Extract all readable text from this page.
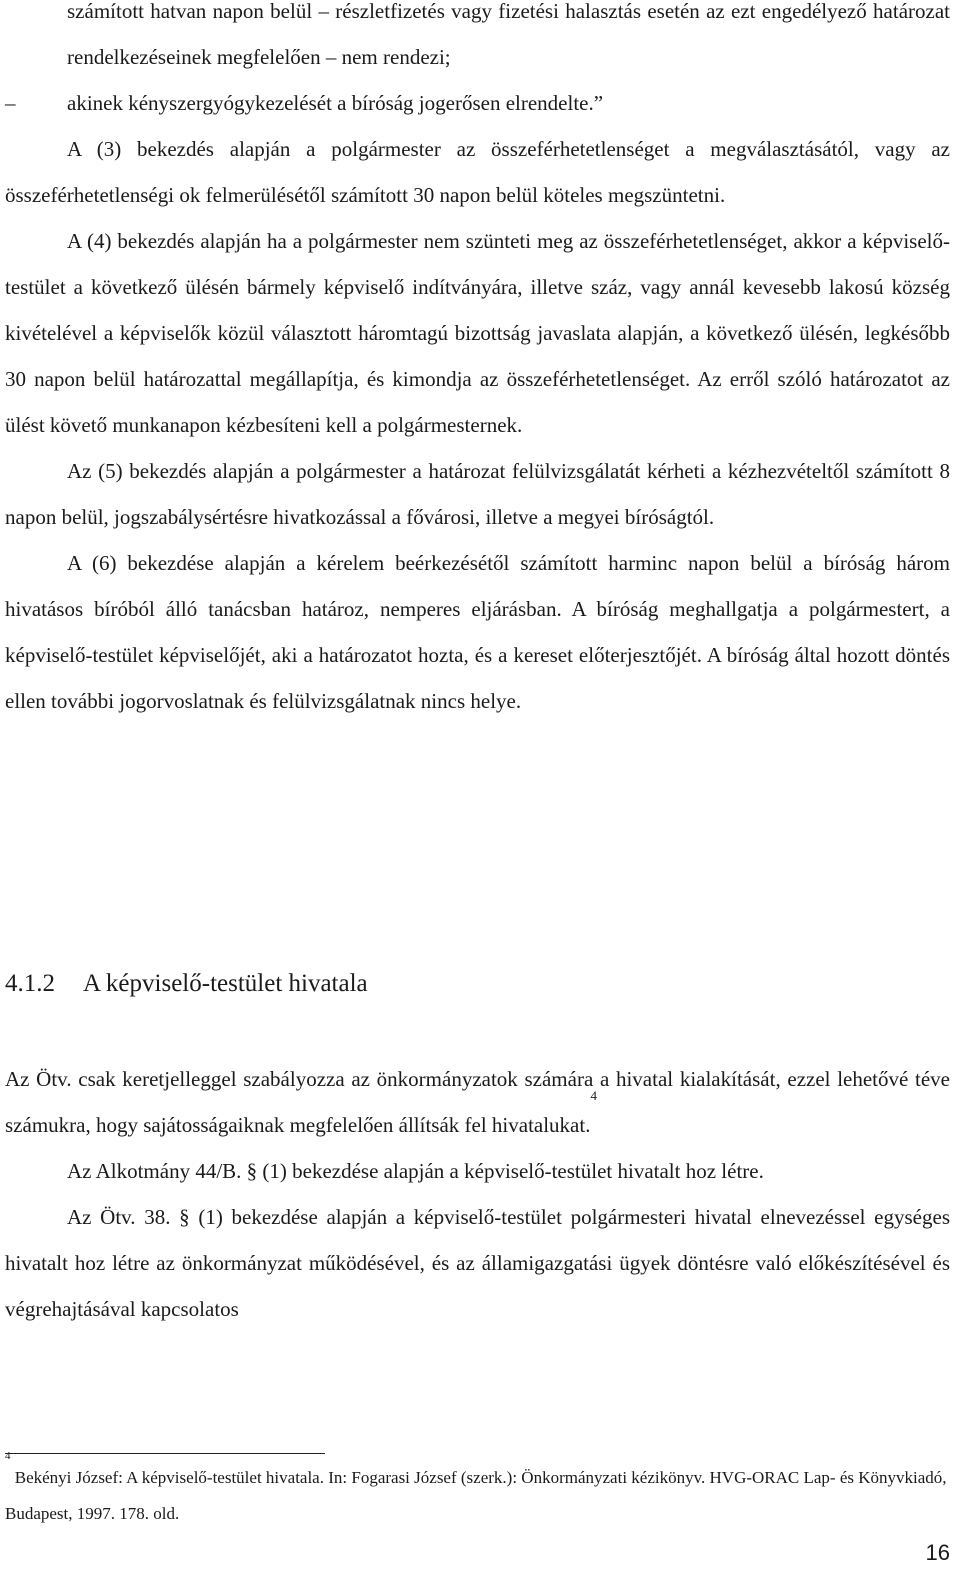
számított hatvan napon belül – részletfizetés vagy fizetési halasztás esetén az ezt engedélyező határozat rendelkezéseinek megfelelően – nem rendezi;

– akinek kényszergyógykezelését a bíróság jogerősen elrendelte.”

A (3) bekezdés alapján a polgármester az összeférhetetlenséget a megválasztásától, vagy az összeférhetetlenségi ok felmerülésétől számított 30 napon belül köteles megszüntetni.

A (4) bekezdés alapján ha a polgármester nem szünteti meg az összeférhetetlenséget, akkor a képviselő-testület a következő ülésén bármely képviselő indítványára, illetve száz, vagy annál kevesebb lakosú község kivételével a képviselők közül választott háromtagú bizottság javaslata alapján, a következő ülésén, legkésőbb 30 napon belül határozattal megállapítja, és kimondja az összeférhetetlenséget. Az erről szóló határozatot az ülést követő munkanapon kézbesíteni kell a polgármesternek.

Az (5) bekezdés alapján a polgármester a határozat felülvizsgálatát kérheti a kézhezvételtől számított 8 napon belül, jogszabálysértésre hivatkozással a fővárosi, illetve a megyei bíróságtól.

A (6) bekezdése alapján a kérelem beérkezésétől számított harminc napon belül a bíróság három hivatásos bíróból álló tanácsban határoz, nemperes eljárásban. A bíróság meghallgatja a polgármestert, a képviselő-testület képviselőjét, aki a határozatot hozta, és a kereset előterjesztőjét. A bíróság által hozott döntés ellen további jogorvoslatnak és felülvizsgálatnak nincs helye.

4.1.2 A képviselő-testület hivatala

Az Ötv. csak keretjelleggel szabályozza az önkormányzatok számára a hivatal kialakítását, ezzel lehetővé téve számukra, hogy sajátosságaiknak megfelelően állítsák fel hivatalukat.$^4$

Az Alkotmány 44/B. § (1) bekezdése alapján a képviselő-testület hivatalt hoz létre.

Az Ötv. 38. § (1) bekezdése alapján a képviselő-testület polgármesteri hivatal elnevezéssel egységes hivatalt hoz létre az önkormányzat működésével, és az államigazgatási ügyek döntésre való előkészítésével és végrehajtásával kapcsolatos

$^4$ Bekényi József: A képviselő-testület hivatala. In: Fogarasi József (szerk.): Önkormányzati kézikönyv. HVG-ORAC Lap- és Könyvkiadó, Budapest, 1997. 178. old.

16
